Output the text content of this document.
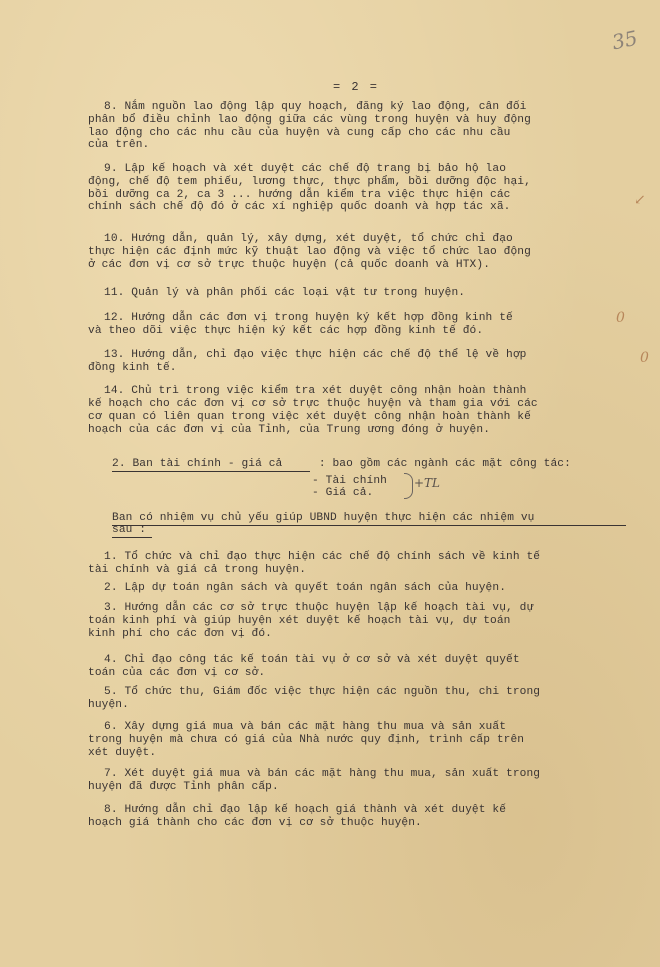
35
= 2 =
8. Nắm nguồn lao động lập quy hoạch, đăng ký lao động, cân đối
phân bổ điều chỉnh lao động giữa các vùng trong huyện và huy động
lao động cho các nhu cầu của huyện và cung cấp cho các nhu cầu
của trên.
9. Lập kế hoạch và xét duyệt các chế độ trang bị bảo hộ lao
động, chế độ tem phiếu, lương thực, thực phẩm, bồi dưỡng độc hại,
bồi dưỡng ca 2, ca 3 ... hướng dẫn kiểm tra việc thực hiện các
chính sách chế độ đó ở các xí nghiệp quốc doanh và hợp tác xã.
10. Hướng dẫn, quản lý, xây dựng, xét duyệt, tổ chức chỉ đạo
thực hiện các định mức kỹ thuật lao động và việc tổ chức lao động
ở các đơn vị cơ sở trực thuộc huyện (cả quốc doanh và HTX).
11. Quản lý và phân phối các loại vật tư trong huyện.
12. Hướng dẫn các đơn vị trong huyện ký kết hợp đồng kinh tế
và theo dõi việc thực hiện ký kết các hợp đồng kinh tế đó.
13. Hướng dẫn, chỉ đạo việc thực hiện các chế độ thể lệ về hợp
đồng kinh tế.
14. Chủ trì trong việc kiểm tra xét duyệt công nhận hoàn thành
kế hoạch cho các đơn vị cơ sở trực thuộc huyện và tham gia với các
cơ quan có liên quan trong việc xét duyệt công nhận hoàn thành kế
hoạch của các đơn vị của Tỉnh, của Trung ương đóng ở huyện.
2. Ban tài chính - giá cả	: bao gồm các ngành các mặt công tác:
- Tài chính
- Giá cả.
+TL
Ban có nhiệm vụ chủ yếu giúp UBND huyện thực hiện các nhiệm vụ
sau :
1. Tổ chức và chỉ đạo thực hiện các chế độ chính sách về kinh tế
tài chính và giá cả trong huyện.
2. Lập dự toán ngân sách và quyết toán ngân sách của huyện.
3. Hướng dẫn các cơ sở trực thuộc huyện lập kế hoạch tài vụ, dự
toán kinh phí và giúp huyện xét duyệt kế hoạch tài vụ, dự toán
kinh phí cho các đơn vị đó.
4. Chỉ đạo công tác kế toán tài vụ ở cơ sở và xét duyệt quyết
toán của các đơn vị cơ sở.
5. Tổ chức thu, Giám đốc việc thực hiện các nguồn thu, chi trong
huyện.
6. Xây dựng giá mua và bán các mặt hàng thu mua và sản xuất
trong huyện mà chưa có giá của Nhà nước quy định, trình cấp trên
xét duyệt.
7. Xét duyệt giá mua và bán các mặt hàng thu mua, sản xuất trong
huyện đã được Tỉnh phân cấp.
8. Hướng dẫn chỉ đạo lập kế hoạch giá thành và xét duyệt kế
hoạch giá thành cho các đơn vị cơ sở thuộc huyện.
↙
0
0
